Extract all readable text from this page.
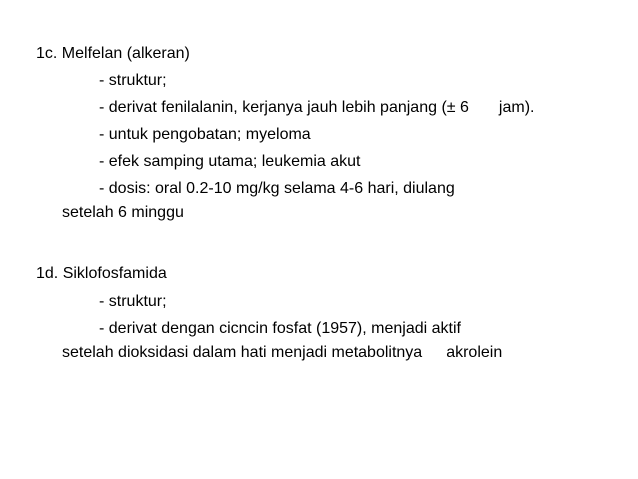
1c. Melfelan (alkeran)
- struktur;
- derivat fenilalanin, kerjanya jauh lebih panjang (± 6 jam).
- untuk pengobatan; myeloma
- efek samping utama; leukemia akut
- dosis: oral 0.2-10 mg/kg selama 4-6 hari, diulang
setelah 6 minggu
1d. Siklofosfamida
- struktur;
- derivat dengan cicncin fosfat (1957), menjadi aktif
setelah dioksidasi dalam hati menjadi metabolitnya akrolein
